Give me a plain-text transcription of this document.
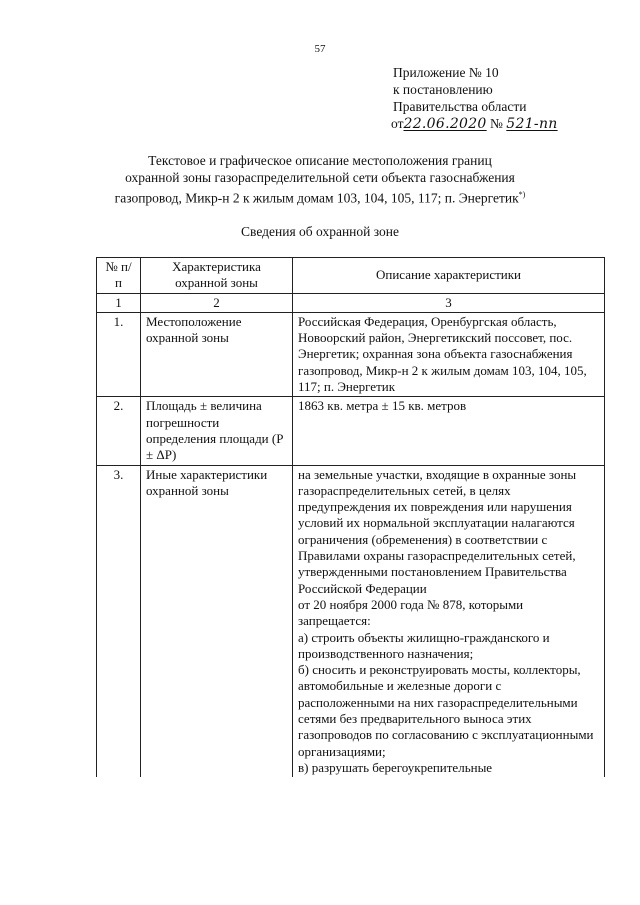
57
Приложение № 10
к постановлению
Правительства области
от22.06.2020 № 521-пп
Текстовое и графическое описание местоположения границ
охранной зоны газораспределительной сети объекта газоснабжения
газопровод, Микр-н 2 к жилым домам 103, 104, 105, 117; п. Энергетик*)
Сведения об охранной зоне
№ п/п	Характеристика охранной зоны	Описание характеристики
1	2	3
1.	Местоположение охранной зоны	Российская Федерация, Оренбургская область, Новоорский район, Энергетикский поссовет, пос. Энергетик; охранная зона объекта газоснабжения газопровод, Микр-н 2 к жилым домам 103, 104, 105, 117; п. Энергетик
2.	Площадь ± величина погрешности определения площади (P ± ΔP)	1863 кв. метра ± 15 кв. метров
3.	Иные характеристики охранной зоны	на земельные участки, входящие в охранные зоны газораспределительных сетей, в целях предупреждения их повреждения или нарушения условий их нормальной эксплуатации налагаются ограничения (обременения) в соответствии с Правилами охраны газораспределительных сетей, утвержденными постановлением Правительства Российской Федерации
от 20 ноября 2000 года № 878, которыми запрещается:
а) строить объекты жилищно-гражданского и производственного назначения;
б) сносить и реконструировать мосты, коллекторы, автомобильные и железные дороги с расположенными на них газораспределительными сетями без предварительного выноса этих газопроводов по согласованию с эксплуатационными организациями;
в) разрушать берегоукрепительные
